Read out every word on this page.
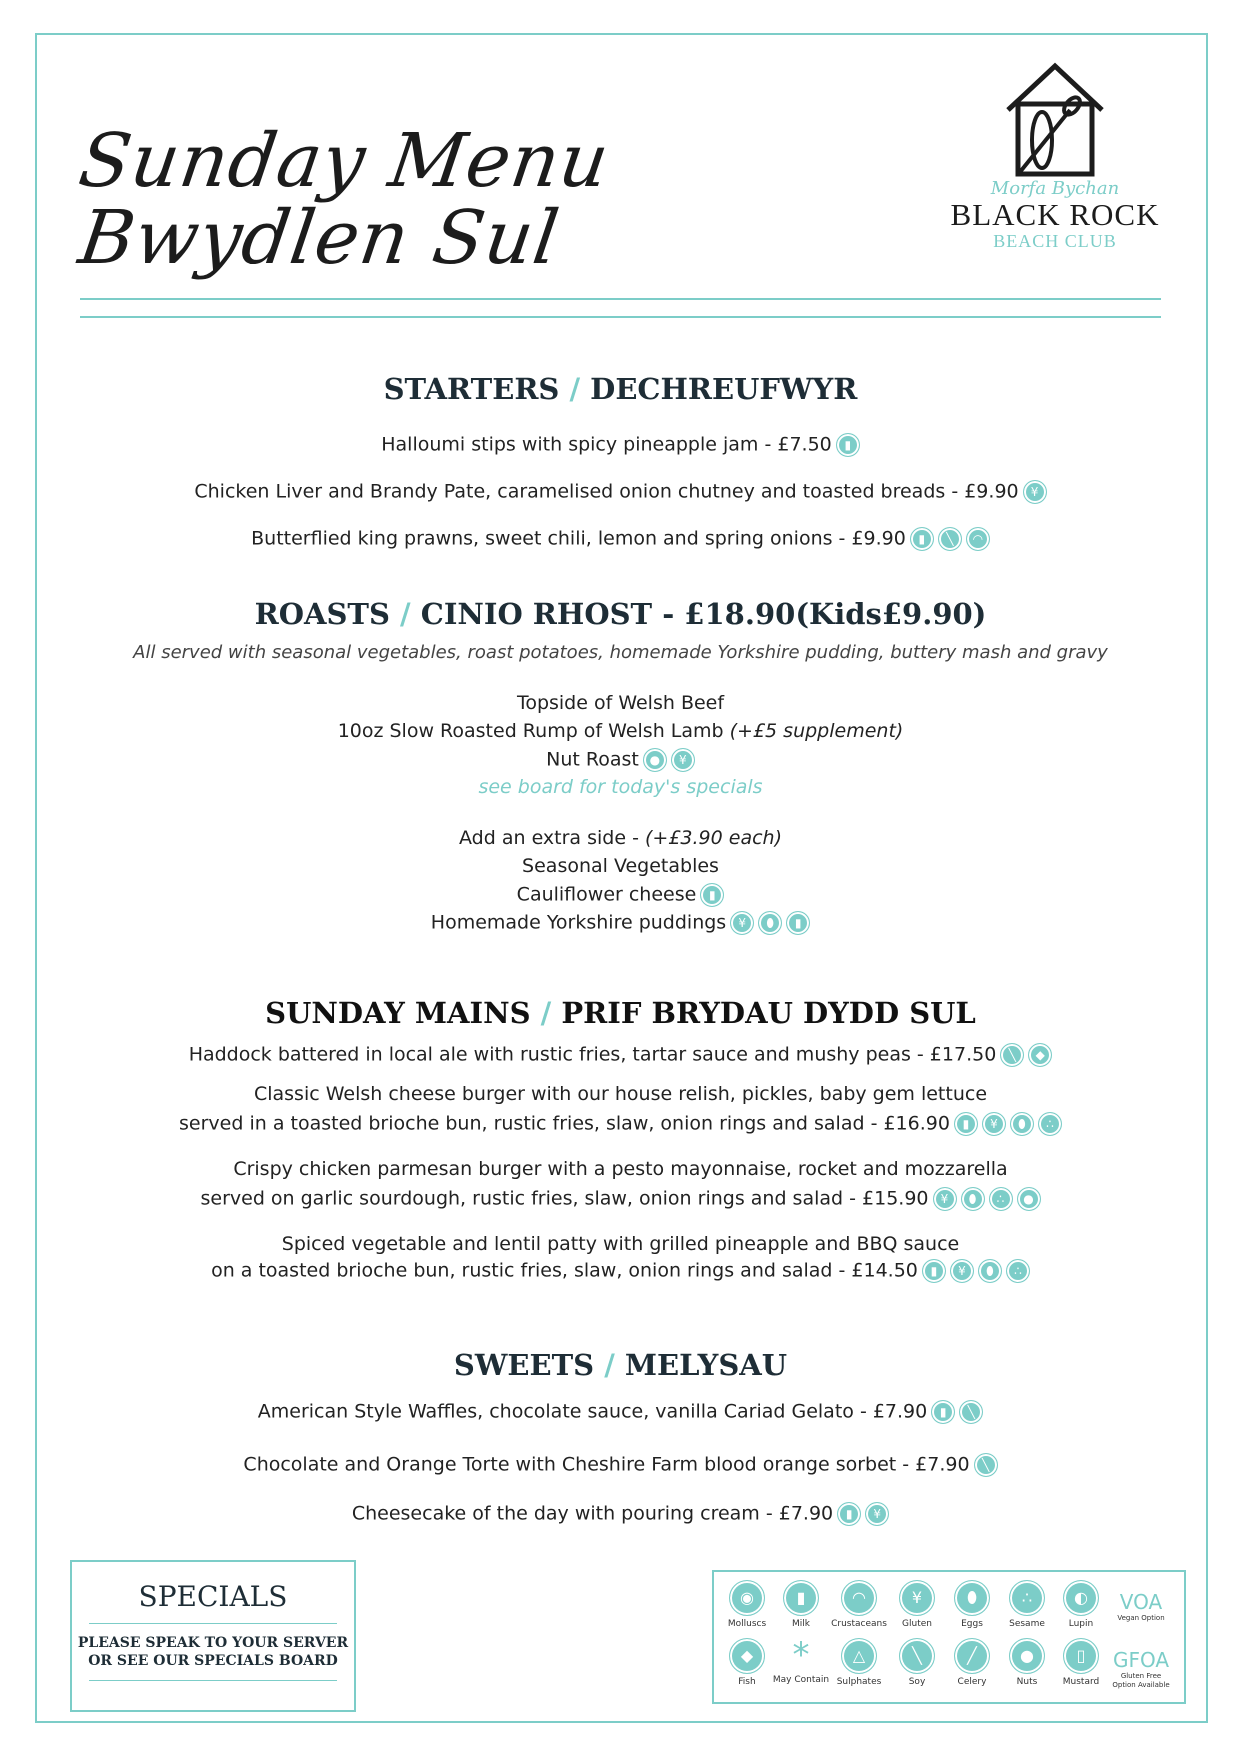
Sunday Menu
Bwydlen Sul
Morfa Bychan
BLACK ROCK
BEACH CLUB
STARTERS / DECHREUFWYR
Halloumi stips with spicy pineapple jam - £7.50 ▮
Chicken Liver and Brandy Pate, caramelised onion chutney and toasted breads - £9.90 ¥
Butterflied king prawns, sweet chili, lemon and spring onions - £9.90 ▮ ╲ ◠
ROASTS / CINIO RHOST - £18.90(Kids£9.90)
All served with seasonal vegetables, roast potatoes, homemade Yorkshire pudding, buttery mash and gravy
Topside of Welsh Beef
10oz Slow Roasted Rump of Welsh Lamb (+£5 supplement)
Nut Roast ● ¥
see board for today's specials
Add an extra side - (+£3.90 each)
Seasonal Vegetables
Cauliflower cheese ▮
Homemade Yorkshire puddings ¥ ⬮ ▮
SUNDAY MAINS / PRIF BRYDAU DYDD SUL
Haddock battered in local ale with rustic fries, tartar sauce and mushy peas - £17.50 ╲ ◆
Classic Welsh cheese burger with our house relish, pickles, baby gem lettuce
served in a toasted brioche bun, rustic fries, slaw, onion rings and salad - £16.90 ▮ ¥ ⬮ ∴
Crispy chicken parmesan burger with a pesto mayonnaise, rocket and mozzarella
served on garlic sourdough, rustic fries, slaw, onion rings and salad - £15.90 ¥ ⬮ ∴ ●
Spiced vegetable and lentil patty with grilled pineapple and BBQ sauce
on a toasted brioche bun, rustic fries, slaw, onion rings and salad - £14.50 ▮ ¥ ⬮ ∴
SWEETS / MELYSAU
American Style Waffles, chocolate sauce, vanilla Cariad Gelato - £7.90 ▮ ╲
Chocolate and Orange Torte with Cheshire Farm blood orange sorbet - £7.90 ╲
Cheesecake of the day with pouring cream - £7.90 ▮ ¥
SPECIALS
PLEASE SPEAK TO YOUR SERVER
OR SEE OUR SPECIALS BOARD
◉
Molluscs
▮
Milk
◠
Crustaceans
¥
Gluten
⬮
Eggs
∴
Sesame
◐
Lupin
VOA
Vegan Option
◆
Fish
*
May Contain
△
Sulphates
╲
Soy
╱
Celery
●
Nuts
▯
Mustard
GFOA
Gluten Free
Option Available
